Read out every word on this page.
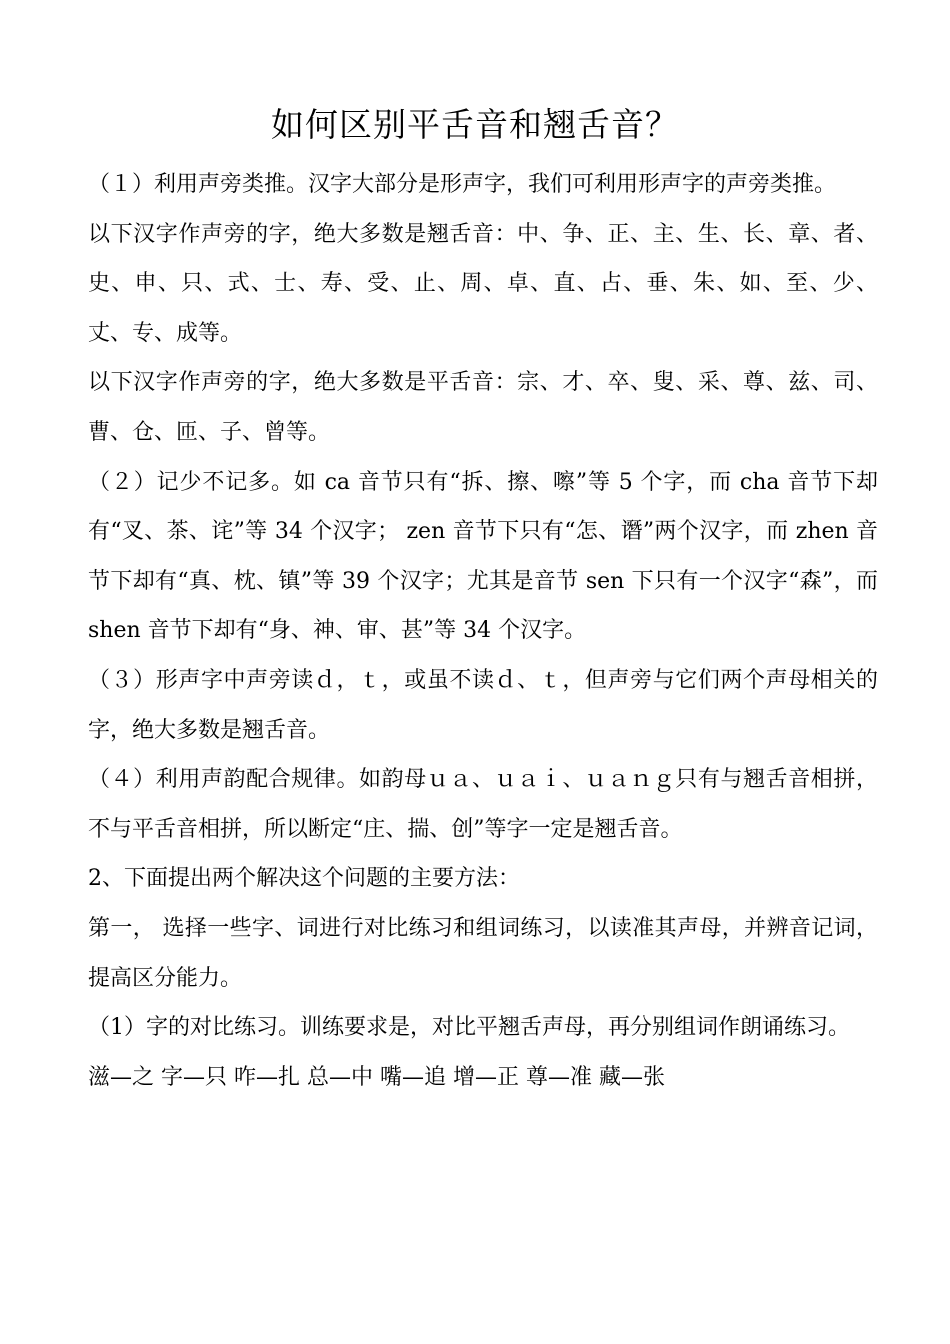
如何区别平舌音和翘舌音？

（１）利用声旁类推。汉字大部分是形声字，我们可利用形声字的声旁类推。

以下汉字作声旁的字，绝大多数是翘舌音：中、争、正、主、生、长、章、者、史、申、只、式、士、寿、受、止、周、卓、直、占、垂、朱、如、至、少、丈、专、成等。

以下汉字作声旁的字，绝大多数是平舌音：宗、才、卒、叟、采、尊、兹、司、曹、仓、匝、子、曾等。

（２）记少不记多。如 ca 音节只有“拆、擦、嚓”等 5 个字，而 cha 音节下却有“叉、茶、诧”等 34 个汉字； zen 音节下只有“怎、谮”两个汉字，而 zhen 音节下却有“真、枕、镇”等 39 个汉字；尤其是音节 sen 下只有一个汉字“森”，而 shen 音节下却有“身、神、审、甚”等 34 个汉字。

（３）形声字中声旁读ｄ，ｔ，或虽不读ｄ、ｔ，但声旁与它们两个声母相关的字，绝大多数是翘舌音。

（４）利用声韵配合规律。如韵母ｕａ、ｕａｉ、ｕａｎｇ只有与翘舌音相拼，不与平舌音相拼，所以断定“庄、揣、创”等字一定是翘舌音。

2、下面提出两个解决这个问题的主要方法：

第一， 选择一些字、词进行对比练习和组词练习，以读准其声母，并辨音记词，提高区分能力。

（1）字的对比练习。训练要求是，对比平翘舌声母，再分别组词作朗诵练习。

滋—之 字—只 咋—扎 总—中 嘴—追 增—正 尊—准 藏—张
